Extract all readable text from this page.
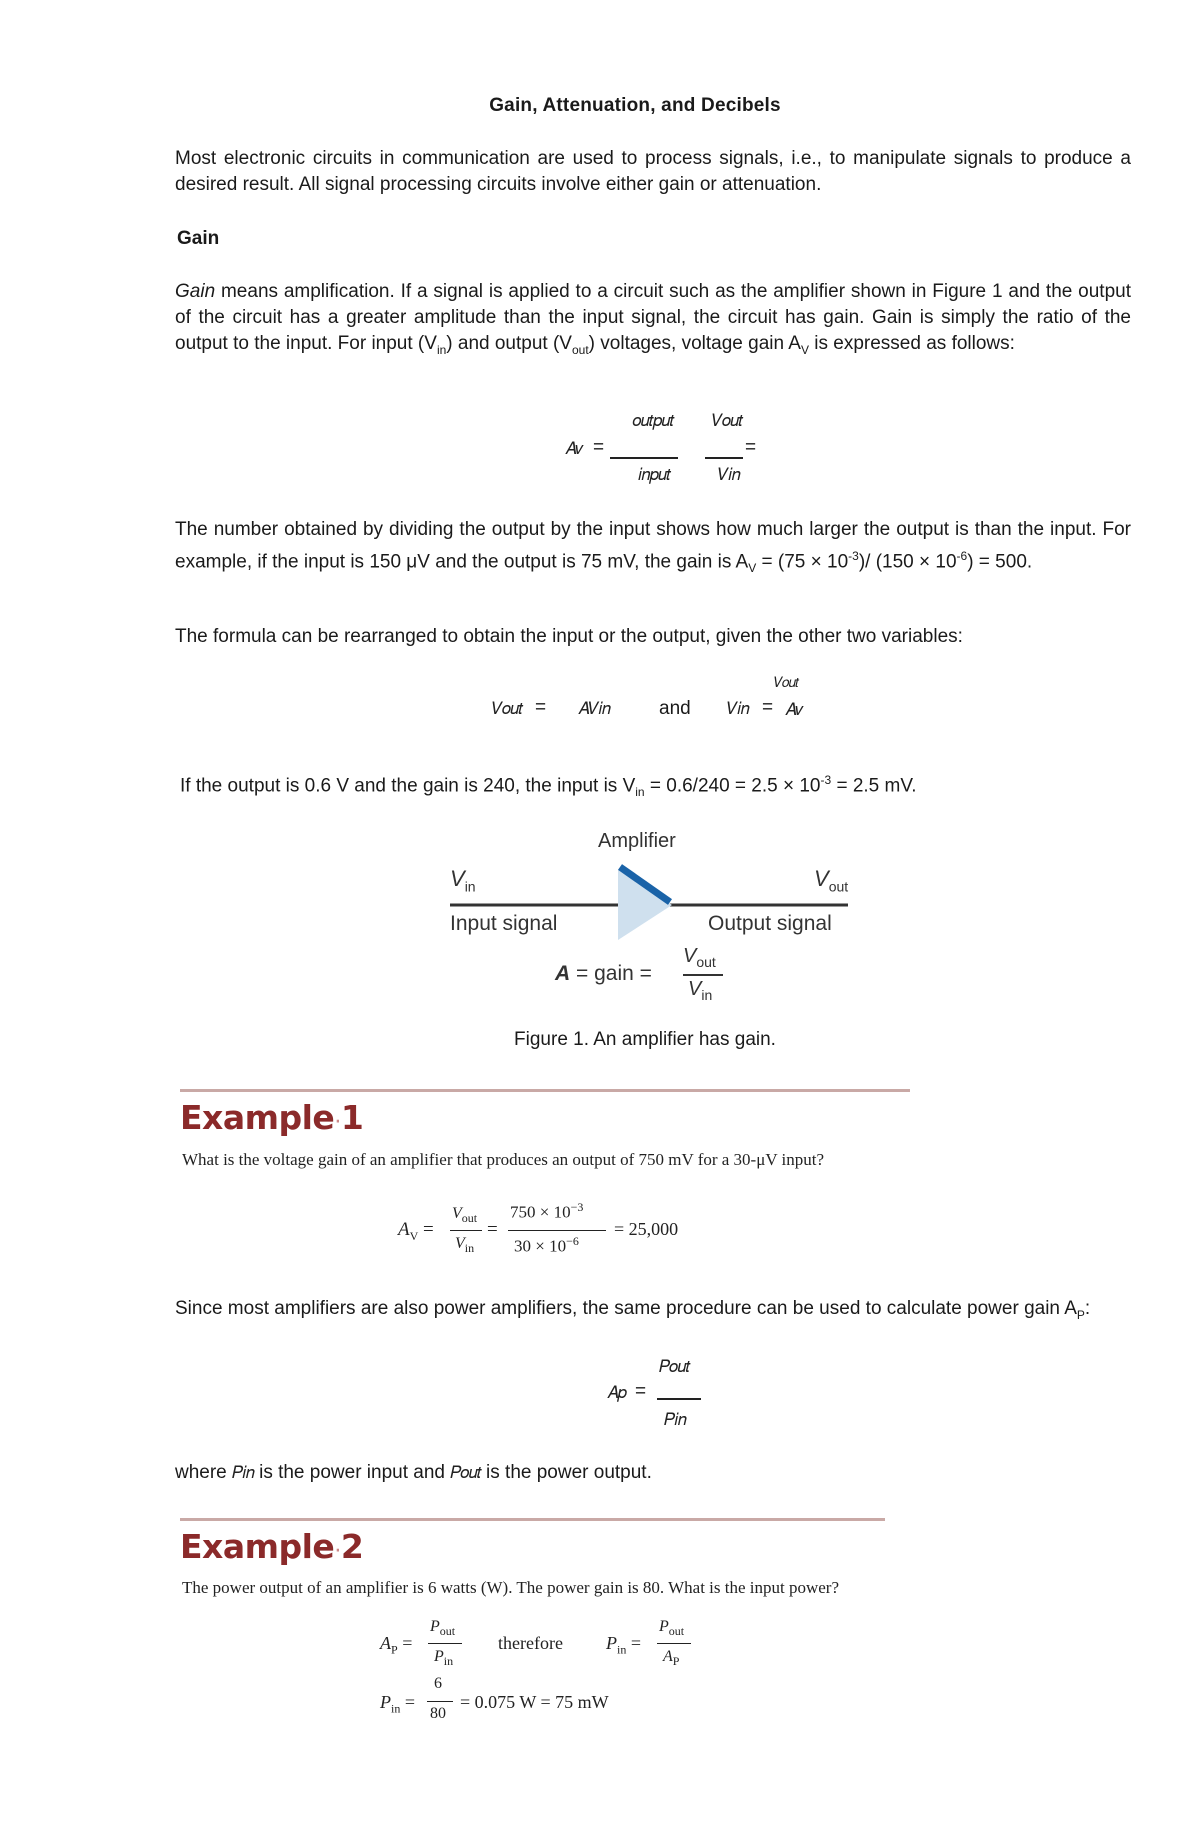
Gain, Attenuation, and Decibels
Most electronic circuits in communication are used to process signals, i.e., to manipulate signals to produce a desired result. All signal processing circuits involve either gain or attenuation.
Gain
Gain means amplification. If a signal is applied to a circuit such as the amplifier shown in Figure 1 and the output of the circuit has a greater amplitude than the input signal, the circuit has gain. Gain is simply the ratio of the output to the input. For input $(V_{in})$ and output $(V_{out})$ voltages, voltage gain $A_V$ is expressed as follows:
𝐴𝑣 =
𝑜𝑢𝑡𝑝𝑢𝑡
𝑖𝑛𝑝𝑢𝑡
𝑉𝑜𝑢𝑡
𝑉𝑖𝑛
=
The number obtained by dividing the output by the input shows how much larger the output is than the input. For example, if the input is 150 μV and the output is 75 mV, the gain is $A_V = (75 \times 10^{-3})/$ $(150 \times 10^{-6}) = 500$.
The formula can be rearranged to obtain the input or the output, given the other two variables:
𝑉𝑜𝑢𝑡 = 𝐴𝑉𝑖𝑛	and 𝑉𝑖𝑛 =
𝑉𝑜𝑢𝑡
𝐴𝑣
If the output is 0.6 V and the gain is 240, the input is $V_{in} = 0.6/240 = 2.5 \times 10^{-3} = 2.5$ mV.
Amplifier
$V_{in}$	$V_{out}$
Input signal	Output signal
A = gain =
$V_{out}$
$V_{in}$
Figure 1. An amplifier has gain.
Example·1
What is the voltage gain of an amplifier that produces an output of 750 mV for a 30-μV input?
$A_V$ =
$V_{out}$
$V_{in}$
=
$750 \times 10^{-3}$
$30 \times 10^{-6}$
= 25,000
Since most amplifiers are also power amplifiers, the same procedure can be used to calculate power gain $A_P$:
𝐴𝑝 =
𝑃𝑜𝑢𝑡
𝑃𝑖𝑛
where 𝑃𝑖𝑛 is the power input and 𝑃𝑜𝑢𝑡 is the power output.
Example·2
The power output of an amplifier is 6 watts (W). The power gain is 80. What is the input power?
$A_P$ =
$P_{out}$
$P_{in}$
therefore $P_{in}$ =
$P_{out}$
$A_P$
$P_{in}$ =
6
80
= 0.075 W = 75 mW
